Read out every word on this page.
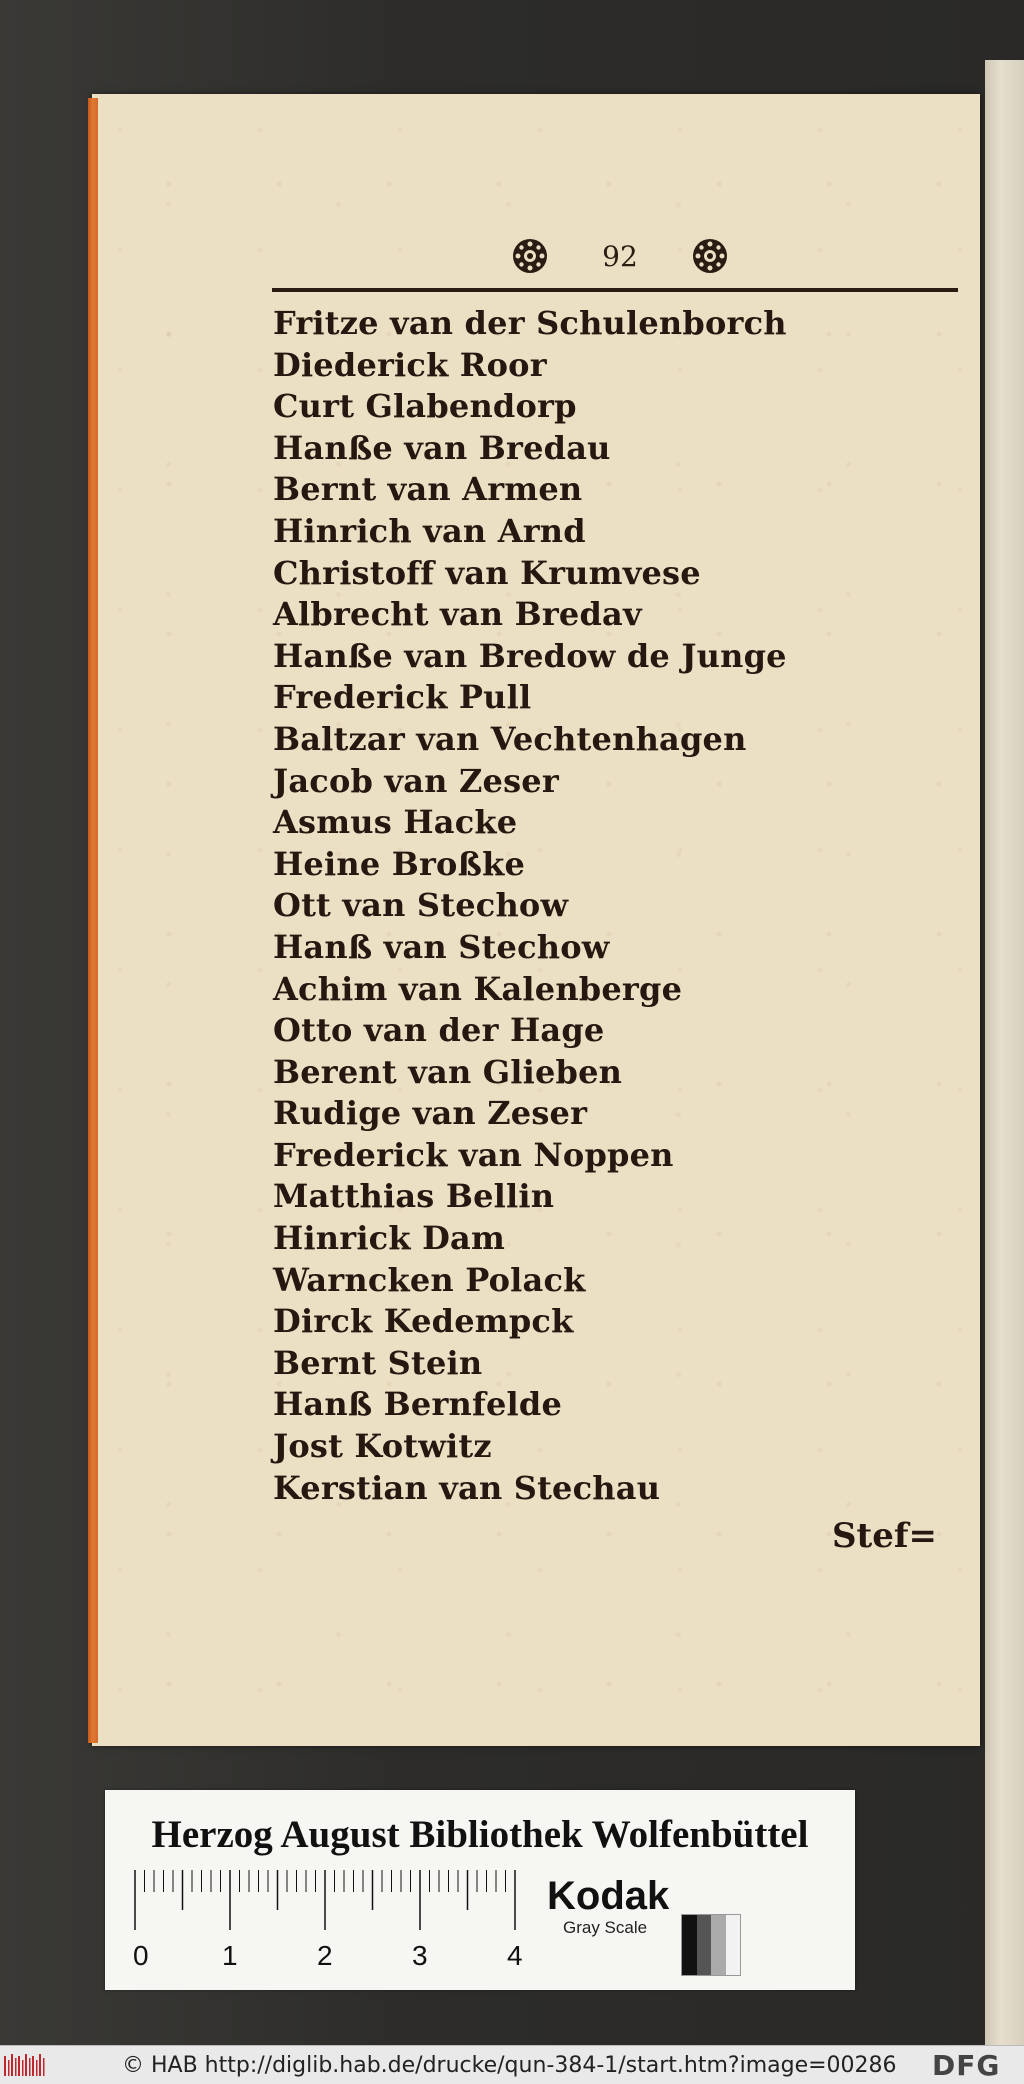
92
Fritze van der Schulenborch
Diederick Roor
Curt Glabendorp
Hanße van Bredau
Bernt van Armen
Hinrich van Arnd
Christoff van Krumvese
Albrecht van Bredav
Hanße van Bredow de Junge
Frederick Pull
Baltzar van Vechtenhagen
Jacob van Zeser
Asmus Hacke
Heine Broßke
Ott van Stechow
Hanß van Stechow
Achim van Kalenberge
Otto van der Hage
Berent van Glieben
Rudige van Zeser
Frederick van Noppen
Matthias Bellin
Hinrick Dam
Warncken Polack
Dirck Kedempck
Bernt Stein
Hanß Bernfelde
Jost Kotwitz
Kerstian van Stechau
Stef=
Herzog August Bibliothek Wolfenbüttel
0	1	2	3	4
Kodak
Gray Scale
© HAB http://diglib.hab.de/drucke/qun-384-1/start.htm?image=00286 DFG
